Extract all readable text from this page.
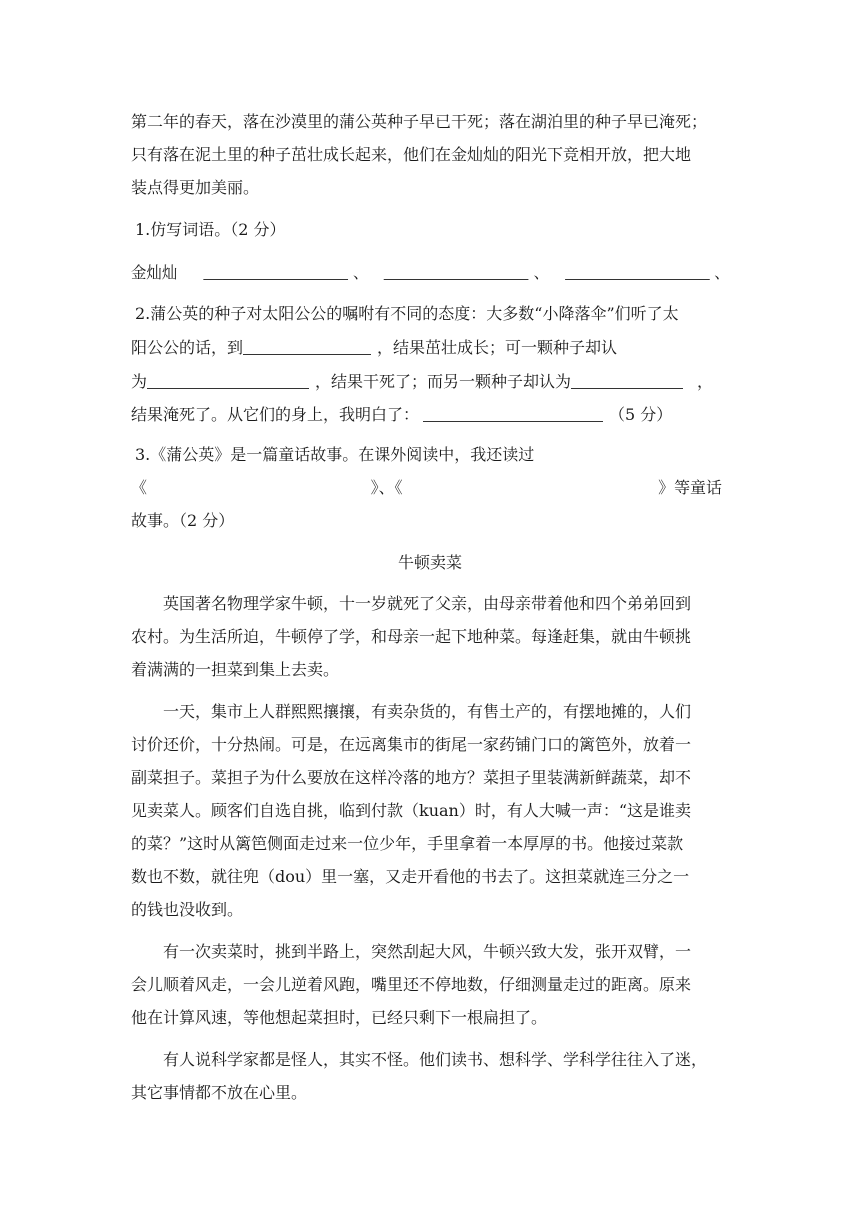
第二年的春天，落在沙漠里的蒲公英种子早已干死；落在湖泊里的种子早已淹死；
只有落在泥土里的种子茁壮成长起来，他们在金灿灿的阳光下竞相开放，把大地
装点得更加美丽。
1.仿写词语。（2 分）
金灿灿	、	、	、
2.蒲公英的种子对太阳公公的嘱咐有不同的态度：大多数“小降落伞”们听了太
阳公公的话，到	，结果茁壮成长；可一颗种子却认
为	，结果干死了；而另一颗种子却认为	，
结果淹死了。从它们的身上，我明白了：	（5 分）
3.《蒲公英》是一篇童话故事。在课外阅读中，我还读过
《	》、《	》等童话
故事。（2 分）
牛顿卖菜
英国著名物理学家牛顿，十一岁就死了父亲，由母亲带着他和四个弟弟回到
农村。为生活所迫，牛顿停了学，和母亲一起下地种菜。每逢赶集，就由牛顿挑
着满满的一担菜到集上去卖。
一天，集市上人群熙熙攘攘，有卖杂货的，有售土产的，有摆地摊的，人们
讨价还价，十分热闹。可是，在远离集市的街尾一家药铺门口的篱笆外，放着一
副菜担子。菜担子为什么要放在这样冷落的地方？菜担子里装满新鲜蔬菜，却不
见卖菜人。顾客们自选自挑，临到付款（kuan）时，有人大喊一声：“这是谁卖
的菜？”这时从篱笆侧面走过来一位少年，手里拿着一本厚厚的书。他接过菜款
数也不数，就往兜（dou）里一塞，又走开看他的书去了。这担菜就连三分之一
的钱也没收到。
有一次卖菜时，挑到半路上，突然刮起大风，牛顿兴致大发，张开双臂，一
会儿顺着风走，一会儿逆着风跑，嘴里还不停地数，仔细测量走过的距离。原来
他在计算风速，等他想起菜担时，已经只剩下一根扁担了。
有人说科学家都是怪人，其实不怪。他们读书、想科学、学科学往往入了迷，
其它事情都不放在心里。
